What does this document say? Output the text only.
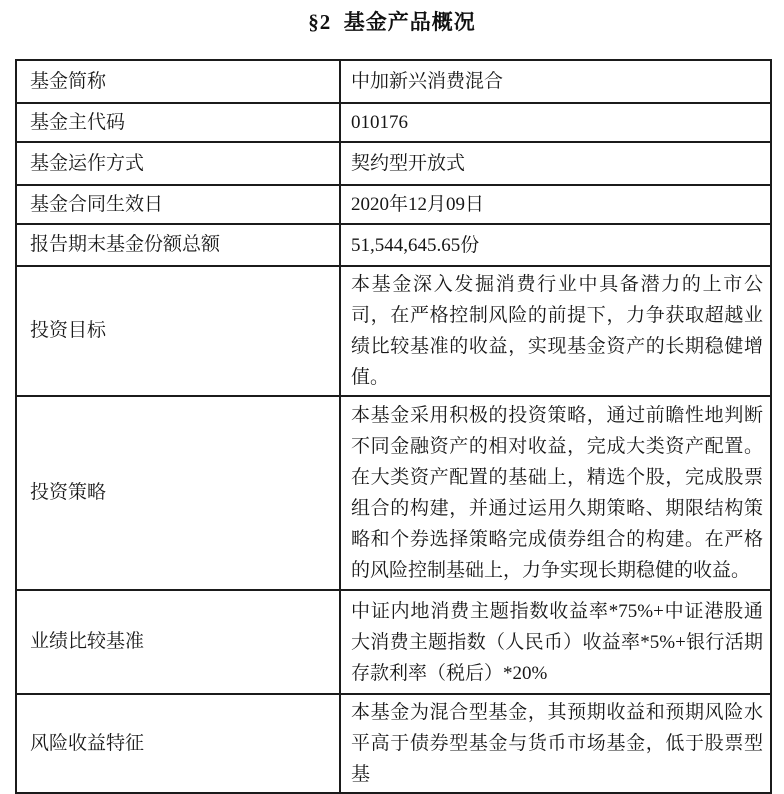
§2  基金产品概况
基金简称	中加新兴消费混合
基金主代码	010176
基金运作方式	契约型开放式
基金合同生效日	2020年12月09日
报告期末基金份额总额	51,544,645.65份
投资目标	本基金深入发掘消费行业中具备潜力的上市公司，在严格控制风险的前提下，力争获取超越业绩比较基准的收益，实现基金资产的长期稳健增值。
投资策略	本基金采用积极的投资策略，通过前瞻性地判断不同金融资产的相对收益，完成大类资产配置。在大类资产配置的基础上，精选个股，完成股票组合的构建，并通过运用久期策略、期限结构策略和个券选择策略完成债券组合的构建。在严格的风险控制基础上，力争实现长期稳健的收益。
业绩比较基准	中证内地消费主题指数收益率*75%+中证港股通大消费主题指数（人民币）收益率*5%+银行活期存款利率（税后）*20%
风险收益特征	本基金为混合型基金，其预期收益和预期风险水平高于债券型基金与货币市场基金，低于股票型基
